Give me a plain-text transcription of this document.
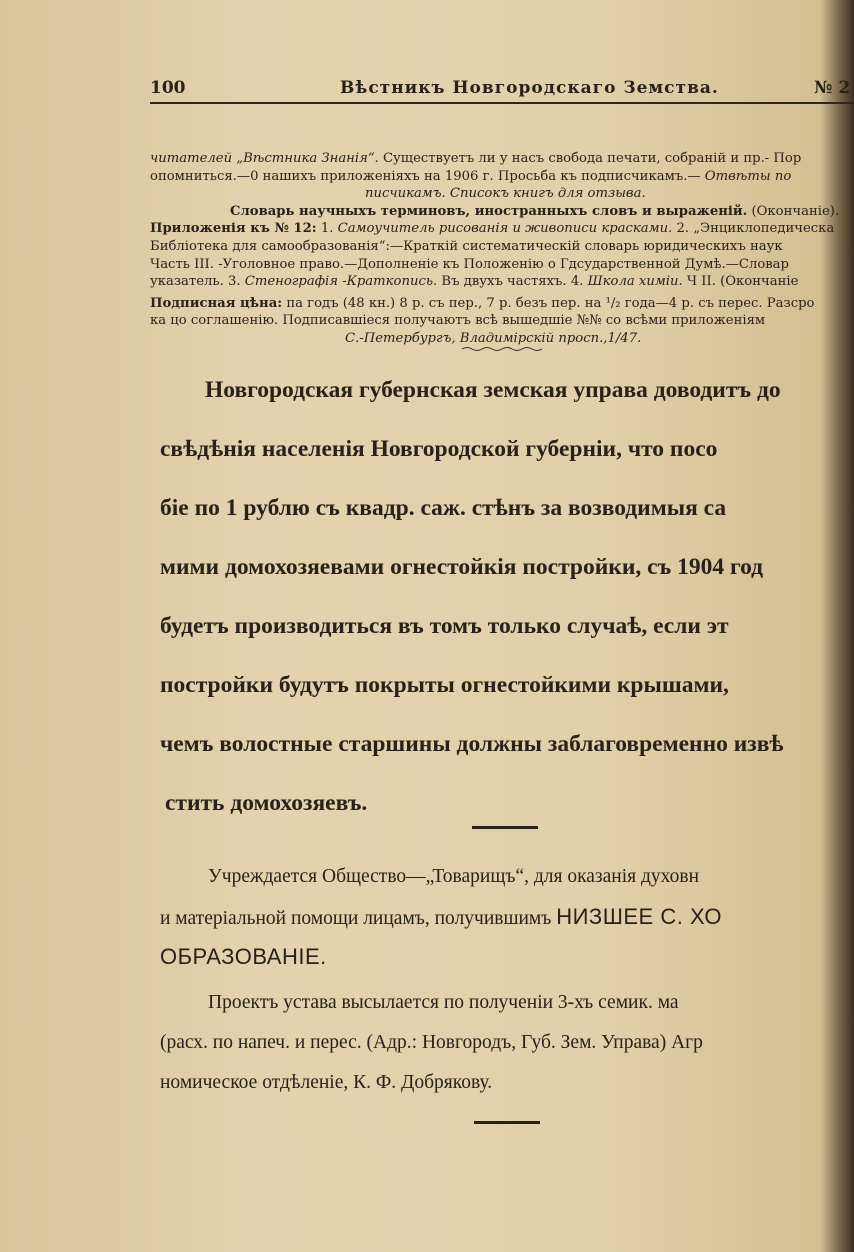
100	Вѣстникъ Новгородскаго Земства.	№ 2
читателей „Вѣстника Знанія“. Существуетъ ли у насъ свобода печати, собраній и пр.- Пор
опомниться.—0 нашихъ приложеніяхъ на 1906 г. Просьба къ подписчикамъ.— Отвѣты по
писчикамъ. Списокъ книгъ для отзыва.
Словарь научныхъ терминовъ, иностранныхъ словъ и выраженій. (Окончаніе).
Приложенія къ № 12: 1. Самоучитель рисованія и живописи красками. 2. „Энциклопедическа
Библіотека для самообразованія“:—Краткій систематическій словарь юридическихъ наук
Часть III. -Уголовное право.—Дополненіе къ Положенію о Гдсударственной Думѣ.—Словар
указатель. 3. Стенографія -Краткопись. Въ двухъ частяхъ. 4. Школа химіи. Ч II. (Окончаніе
Подписная цѣна: па годъ (48 кн.) 8 р. съ пер., 7 р. безъ пер. на ¹/₂ года—4 р. съ перес. Разсро
ка цо соглашенію. Подписавшіеся получаютъ всѣ вышедшіе №№ со всѣми приложеніям
С.-Петербургъ, Владимірскій просп.,1/47.
Новгородская губернская земская управа доводитъ до
свѣдѣнія населенія Новгородской губерніи, что посо
біе по 1 рублю съ квадр. саж. стѣнъ за возводимыя са
мими домохозяевами огнестойкія постройки, съ 1904 год
будетъ производиться въ томъ только случаѣ, если эт
постройки будутъ покрыты огнестойкими крышами,
чемъ волостные старшины должны заблаговременно извѣ
стить домохозяевъ.
Учреждается Общество—„Товарищъ“, для оказанія духовн
и матеріальной помощи лицамъ, получившимъ НИЗШЕЕ С. ХО
ОБРАЗОВАНІЕ.
Проектъ устава высылается по полученіи 3-хъ семик. ма
(расх. по напеч. и перес. (Адр.: Новгородъ, Губ. Зем. Управа) Агр
номическое отдѣленіе, К. Ф. Добрякову.
